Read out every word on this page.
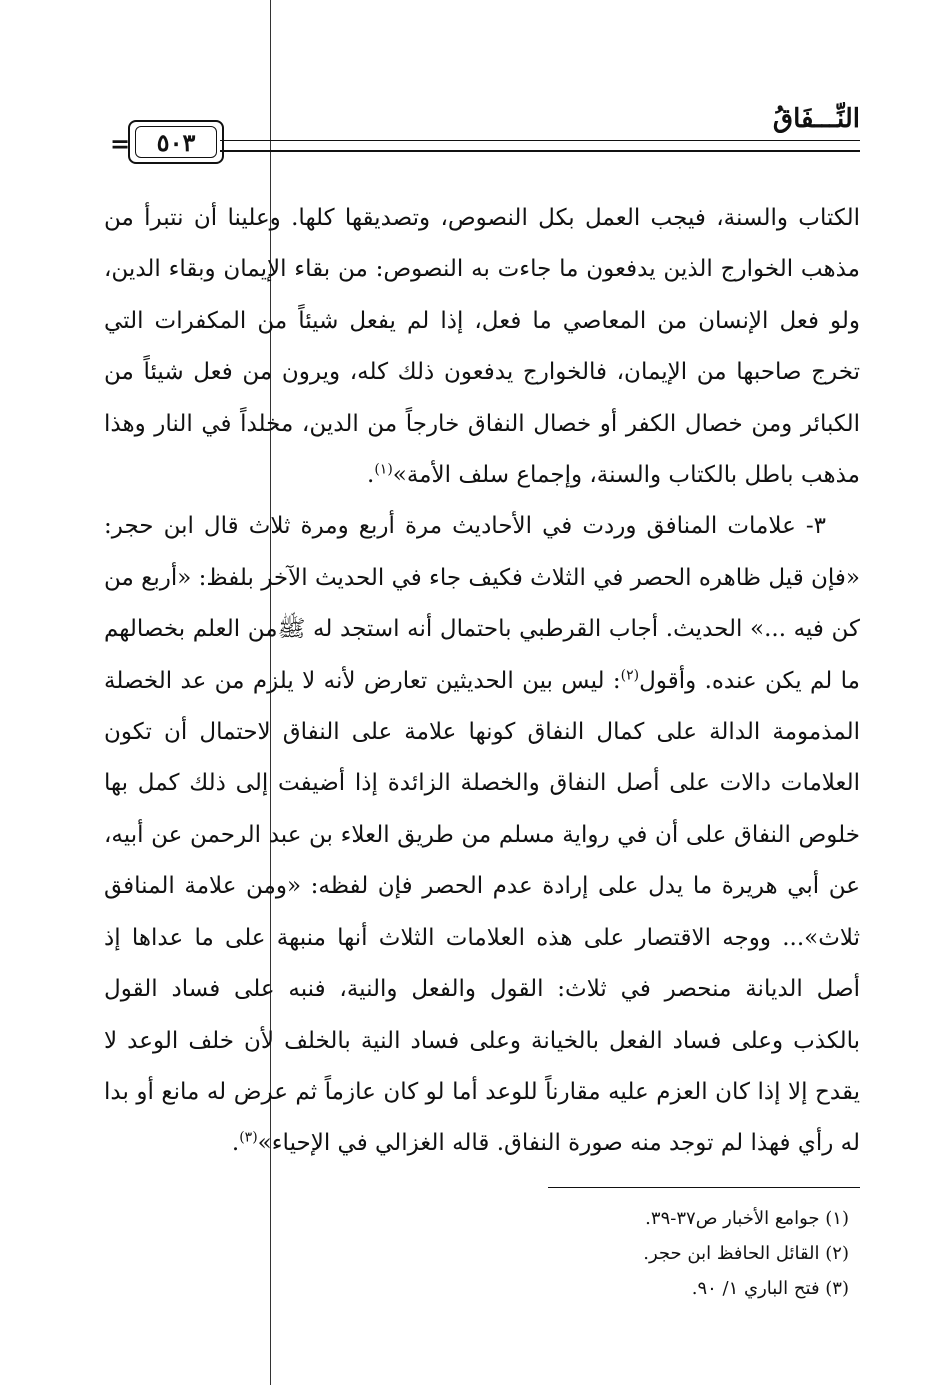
النِّـــفَاقُ
=	٥٠٣

الكتاب والسنة، فيجب العمل بكل النصوص، وتصديقها كلها. وعلينا أن نتبرأ من مذهب الخوارج الذين يدفعون ما جاءت به النصوص: من بقاء الإيمان وبقاء الدين، ولو فعل الإنسان من المعاصي ما فعل، إذا لم يفعل شيئاً من المكفرات التي تخرج صاحبها من الإيمان، فالخوارج يدفعون ذلك كله، ويرون من فعل شيئاً من الكبائر ومن خصال الكفر أو خصال النفاق خارجاً من الدين، مخلداً في النار وهذا مذهب باطل بالكتاب والسنة، وإجماع سلف الأمة»$^{(١)}$.

٣- علامات المنافق وردت في الأحاديث مرة أربع ومرة ثلاث قال ابن حجر: «فإن قيل ظاهره الحصر في الثلاث فكيف جاء في الحديث الآخر بلفظ: «أربع من كن فيه ...» الحديث. أجاب القرطبي باحتمال أنه استجد له ﷺمن العلم بخصالهم ما لم يكن عنده. وأقول$^{(٢)}$: ليس بين الحديثين تعارض لأنه لا يلزم من عد الخصلة المذمومة الدالة على كمال النفاق كونها علامة على النفاق لاحتمال أن تكون العلامات دالات على أصل النفاق والخصلة الزائدة إذا أضيفت إلى ذلك كمل بها خلوص النفاق على أن في رواية مسلم من طريق العلاء بن عبد الرحمن عن أبيه، عن أبي هريرة ما يدل على إرادة عدم الحصر فإن لفظه: «ومن علامة المنافق ثلاث»... ووجه الاقتصار على هذه العلامات الثلاث أنها منبهة على ما عداها إذ أصل الديانة منحصر في ثلاث: القول والفعل والنية، فنبه على فساد القول بالكذب وعلى فساد الفعل بالخيانة وعلى فساد النية بالخلف لأن خلف الوعد لا يقدح إلا إذا كان العزم عليه مقارناً للوعد أما لو كان عازماً ثم عرض له مانع أو بدا له رأي فهذا لم توجد منه صورة النفاق. قاله الغزالي في الإحياء»$^{(٣)}$.

(١) جوامع الأخبار ص٣٧-٣٩.
(٢) القائل الحافظ ابن حجر.
(٣) فتح الباري ١/ ٩٠.
